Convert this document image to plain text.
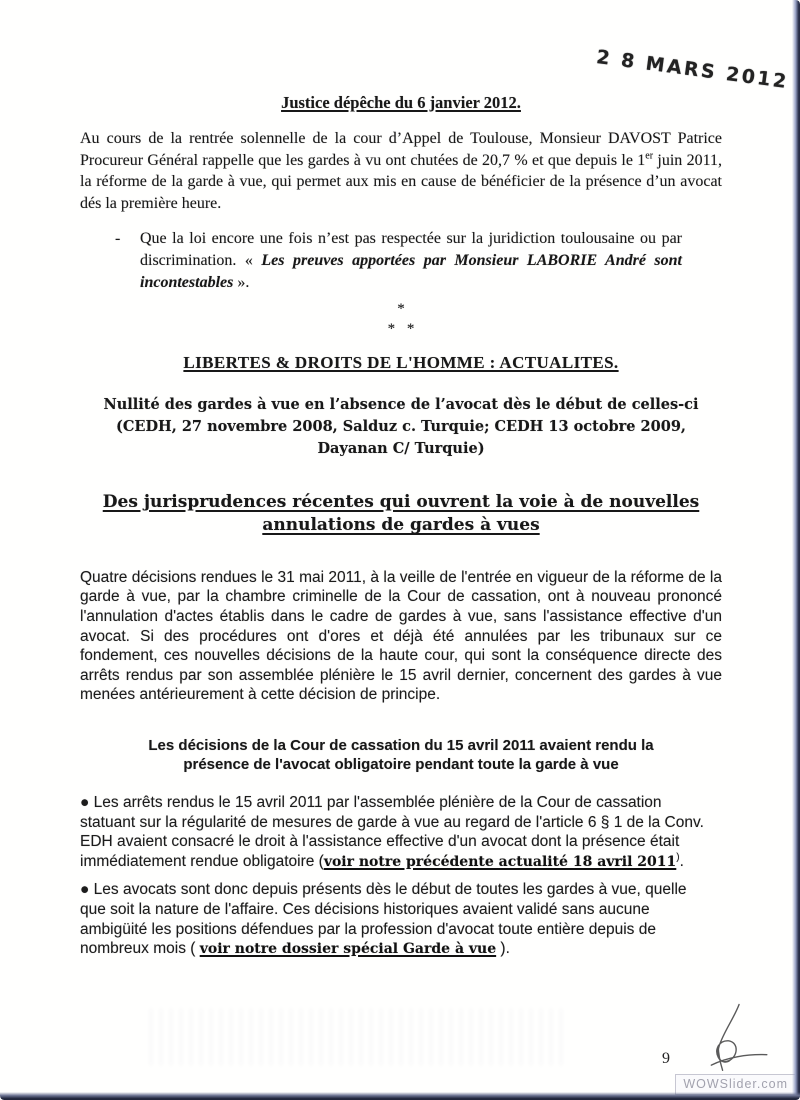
2 8 MARS 2012
Justice dépêche du 6 janvier 2012.
Au cours de la rentrée solennelle de la cour d’Appel de Toulouse, Monsieur DAVOST Patrice Procureur Général rappelle que les gardes à vu ont chutées de 20,7 % et que depuis le 1er juin 2011, la réforme de la garde à vue, qui permet aux mis en cause de bénéficier de la présence d’un avocat dés la première heure.
-	Que la loi encore une fois n’est pas respectée sur la juridiction toulousaine ou par discrimination. « Les preuves apportées par Monsieur LABORIE André sont incontestables ».
*
* *
LIBERTES & DROITS DE L'HOMME : ACTUALITES.
Nullité des gardes à vue en l’absence de l’avocat dès le début de celles-ci
(CEDH, 27 novembre 2008, Salduz c. Turquie; CEDH 13 octobre 2009,
Dayanan C/ Turquie)
Des jurisprudences récentes qui ouvrent la voie à de nouvelles
annulations de gardes à vues
Quatre décisions rendues le 31 mai 2011, à la veille de l'entrée en vigueur de la réforme de la garde à vue, par la chambre criminelle de la Cour de cassation, ont à nouveau prononcé l'annulation d'actes établis dans le cadre de gardes à vue, sans l'assistance effective d'un avocat. Si des procédures ont d'ores et déjà été annulées par les tribunaux sur ce fondement, ces nouvelles décisions de la haute cour, qui sont la conséquence directe des arrêts rendus par son assemblée plénière le 15 avril dernier, concernent des gardes à vue menées antérieurement à cette décision de principe.
Les décisions de la Cour de cassation du 15 avril 2011 avaient rendu la
présence de l'avocat obligatoire pendant toute la garde à vue
● Les arrêts rendus le 15 avril 2011 par l'assemblée plénière de la Cour de cassation statuant sur la régularité de mesures de garde à vue au regard de l'article 6 § 1 de la Conv. EDH avaient consacré le droit à l'assistance effective d'un avocat dont la présence était immédiatement rendue obligatoire (voir notre précédente actualité 18 avril 2011).
● Les avocats sont donc depuis présents dès le début de toutes les gardes à vue, quelle que soit la nature de l'affaire. Ces décisions historiques avaient validé sans aucune ambigüité les positions défendues par la profession d'avocat toute entière depuis de nombreux mois ( voir notre dossier spécial Garde à vue ).
9
WOWSlider.com
